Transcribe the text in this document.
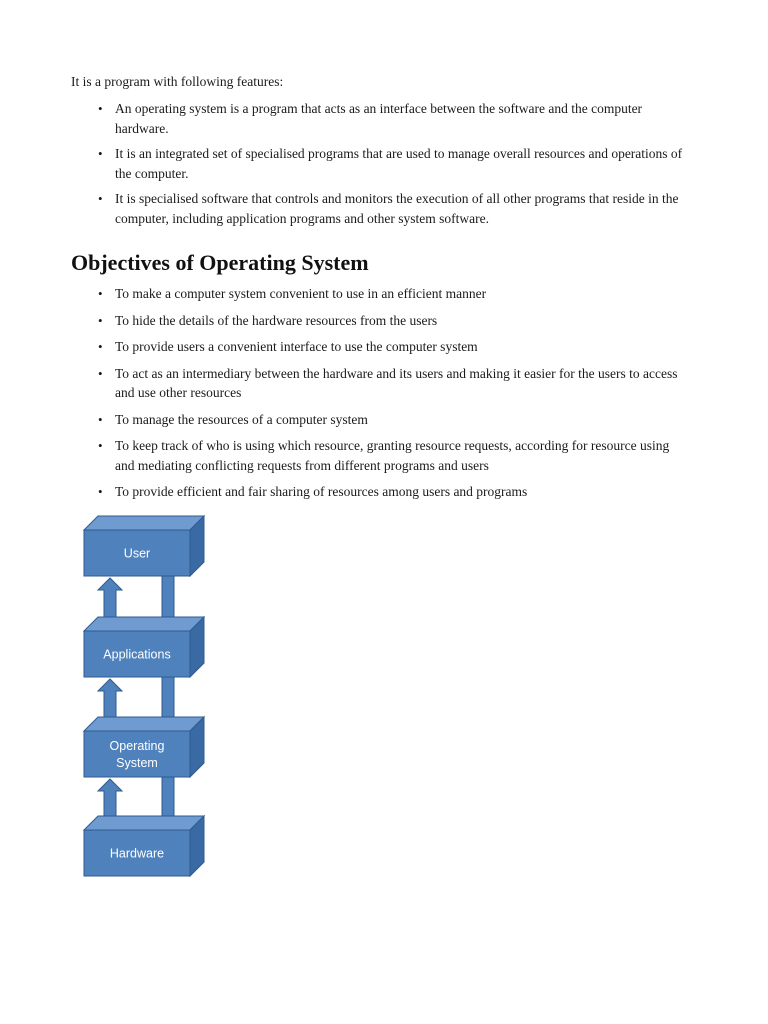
It is a program with following features:

• An operating system is a program that acts as an interface between the software and the computer hardware.
• It is an integrated set of specialised programs that are used to manage overall resources and operations of the computer.
• It is specialised software that controls and monitors the execution of all other programs that reside in the computer, including application programs and other system software.
Objectives of Operating System
• To make a computer system convenient to use in an efficient manner
• To hide the details of the hardware resources from the users
• To provide users a convenient interface to use the computer system
• To act as an intermediary between the hardware and its users and making it easier for the users to access and use other resources
• To manage the resources of a computer system
• To keep track of who is using which resource, granting resource requests, according for resource using and mediating conflicting requests from different programs and users
• To provide efficient and fair sharing of resources among users and programs
User
Applications
Operating
System
Hardware
